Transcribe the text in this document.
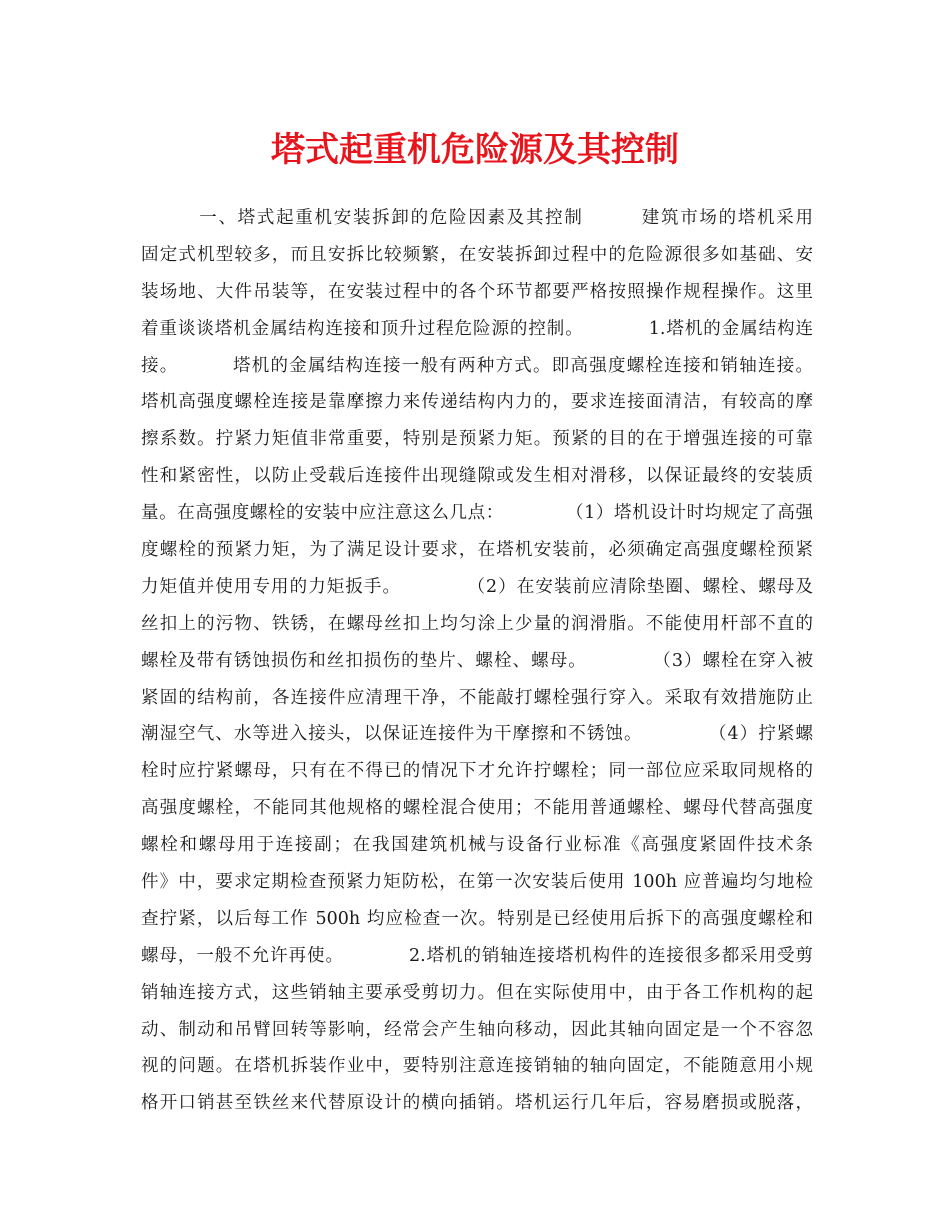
塔式起重机危险源及其控制
一、塔式起重机安装拆卸的危险因素及其控制        建筑市场的塔机采用
固定式机型较多，而且安拆比较频繁，在安装拆卸过程中的危险源很多如基础、安
装场地、大件吊装等，在安装过程中的各个环节都要严格按照操作规程操作。这里
着重谈谈塔机金属结构连接和顶升过程危险源的控制。          1.塔机的金属结构连
接。        塔机的金属结构连接一般有两种方式。即高强度螺栓连接和销轴连接。
塔机高强度螺栓连接是靠摩擦力来传递结构内力的，要求连接面清洁，有较高的摩
擦系数。拧紧力矩值非常重要，特别是预紧力矩。预紧的目的在于增强连接的可靠
性和紧密性，以防止受载后连接件出现缝隙或发生相对滑移，以保证最终的安装质
量。在高强度螺栓的安装中应注意这么几点：          （1）塔机设计时均规定了高强
度螺栓的预紧力矩，为了满足设计要求，在塔机安装前，必须确定高强度螺栓预紧
力矩值并使用专用的力矩扳手。          （2）在安装前应清除垫圈、螺栓、螺母及
丝扣上的污物、铁锈，在螺母丝扣上均匀涂上少量的润滑脂。不能使用杆部不直的
螺栓及带有锈蚀损伤和丝扣损伤的垫片、螺栓、螺母。          （3）螺栓在穿入被
紧固的结构前，各连接件应清理干净，不能敲打螺栓强行穿入。采取有效措施防止
潮湿空气、水等进入接头，以保证连接件为干摩擦和不锈蚀。          （4）拧紧螺
栓时应拧紧螺母，只有在不得已的情况下才允许拧螺栓；同一部位应采取同规格的
高强度螺栓，不能同其他规格的螺栓混合使用；不能用普通螺栓、螺母代替高强度
螺栓和螺母用于连接副；在我国建筑机械与设备行业标准《高强度紧固件技术条
件》中，要求定期检查预紧力矩防松，在第一次安装后使用 100h 应普遍均匀地检
查拧紧，以后每工作 500h 均应检查一次。特别是已经使用后拆下的高强度螺栓和
螺母，一般不允许再使。          2.塔机的销轴连接塔机构件的连接很多都采用受剪
销轴连接方式，这些销轴主要承受剪切力。但在实际使用中，由于各工作机构的起
动、制动和吊臂回转等影响，经常会产生轴向移动，因此其轴向固定是一个不容忽
视的问题。在塔机拆装作业中，要特别注意连接销轴的轴向固定，不能随意用小规
格开口销甚至铁丝来代替原设计的横向插销。塔机运行几年后，容易磨损或脱落，
